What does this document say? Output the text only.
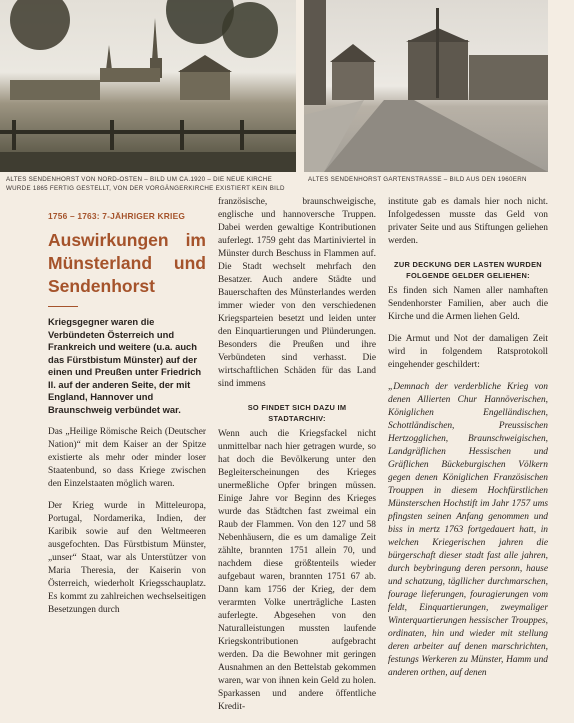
ALTES SENDENHORST VON NORD-OSTEN – BILD UM CA.1920 – DIE NEUE KIRCHE WURDE 1865 FERTIG GESTELLT, VON DER VORGÄNGERKIRCHE EXISTIERT KEIN BILD
ALTES SENDENHORST GARTENSTRASSE – BILD AUS DEN 1960ERN
1756 – 1763: 7-JÄHRIGER KRIEG
Auswirkungen im Münsterland und Sendenhorst
Kriegsgegner waren die Verbündeten Österreich und Frankreich und weitere (u.a. auch das Fürstbistum Münster) auf der einen und Preußen unter Friedrich II. auf der anderen Seite, der mit England, Hannover und Braunschweig verbündet war.

Das „Heilige Römische Reich (Deutscher Nation)“ mit dem Kaiser an der Spitze existierte als mehr oder minder loser Staatenbund, so dass Kriege zwischen den Einzelstaaten möglich waren.

Der Krieg wurde in Mitteleuropa, Portugal, Nordamerika, Indien, der Karibik sowie auf den Weltmeeren ausgefochten. Das Fürstbistum Münster, „unser“ Staat, war als Unterstützer von Maria Theresia, der Kaiserin von Österreich, wiederholt Kriegsschauplatz. Es kommt zu zahlreichen wechselseitigen Besetzungen durch

französische, braunschweigische, englische und hannoversche Truppen. Dabei werden gewaltige Kontributionen auferlegt. 1759 geht das Martiniviertel in Münster durch Beschuss in Flammen auf. Die Stadt wechselt mehrfach den Besatzer. Auch andere Städte und Bauerschaften des Münsterlandes werden immer wieder von den verschiedenen Kriegsparteien besetzt und leiden unter den Einquartierungen und Plünderungen. Besonders die Preußen und ihre Verbündeten sind verhasst. Die wirtschaftlichen Schäden für das Land sind immens

SO FINDET SICH DAZU IM STADTARCHIV:

Wenn auch die Kriegsfackel nicht unmittelbar nach hier getragen wurde, so hat doch die Bevölkerung unter den Begleiterscheinungen des Krieges unermeßliche Opfer bringen müssen. Einige Jahre vor Beginn des Krieges wurde das Städtchen fast zweimal ein Raub der Flammen. Von den 127 und 58 Nebenhäusern, die es um damalige Zeit zählte, brannten 1751 allein 70, und nachdem diese größtenteils wieder aufgebaut waren, brannten 1751 67 ab. Dann kam 1756 der Krieg, der dem verarmten Volke unerträgliche Lasten auferlegte. Abgesehen von den Naturalleistungen mussten laufende Kriegskontributionen aufgebracht werden. Da die Bewohner mit geringen Ausnahmen an den Bettelstab gekommen waren, war von ihnen kein Geld zu holen. Sparkassen und andere öffentliche Kredit-

institute gab es damals hier noch nicht. Infolgedessen musste das Geld von privater Seite und aus Stiftungen geliehen werden.

ZUR DECKUNG DER LASTEN WURDEN FOLGENDE GELDER GELIEHEN:

Es finden sich Namen aller namhaften Sendenhorster Familien, aber auch die Kirche und die Armen liehen Geld.

Die Armut und Not der damaligen Zeit wird in folgendem Ratsprotokoll eingehender geschildert:

„Demnach der verderbliche Krieg von denen Allierten Chur Hannöverischen, Königlichen Engelländischen, Schottländischen, Preussischen Hertzogglichen, Braunschweigischen, Landgräflichen Hessischen und Gräflichen Bückeburgischen Völkern gegen denen Königlichen Französischen Trouppen in diesem Hochfürstlichen Münsterschen Hochstift im Jahr 1757 ums pfingsten seinen Anfang genommen und biss in mertz 1763 fortgedauert hatt, in welchen Kriegerischen jahren die bürgerschaft dieser stadt fast alle jahren, durch beybringung deren personn, hause und schatzung, tägllicher durchmarschen, fourage lieferungen, fouragierungen vom feldt, Einquartierungen, zweymaliger Winterquartierungen hessischer Trouppes, ordinaten, hin und wieder mit stellung deren arbeiter auf denen marschrichten, festungs Werkeren zu Münster, Hamm und anderen orthen, auf denen
